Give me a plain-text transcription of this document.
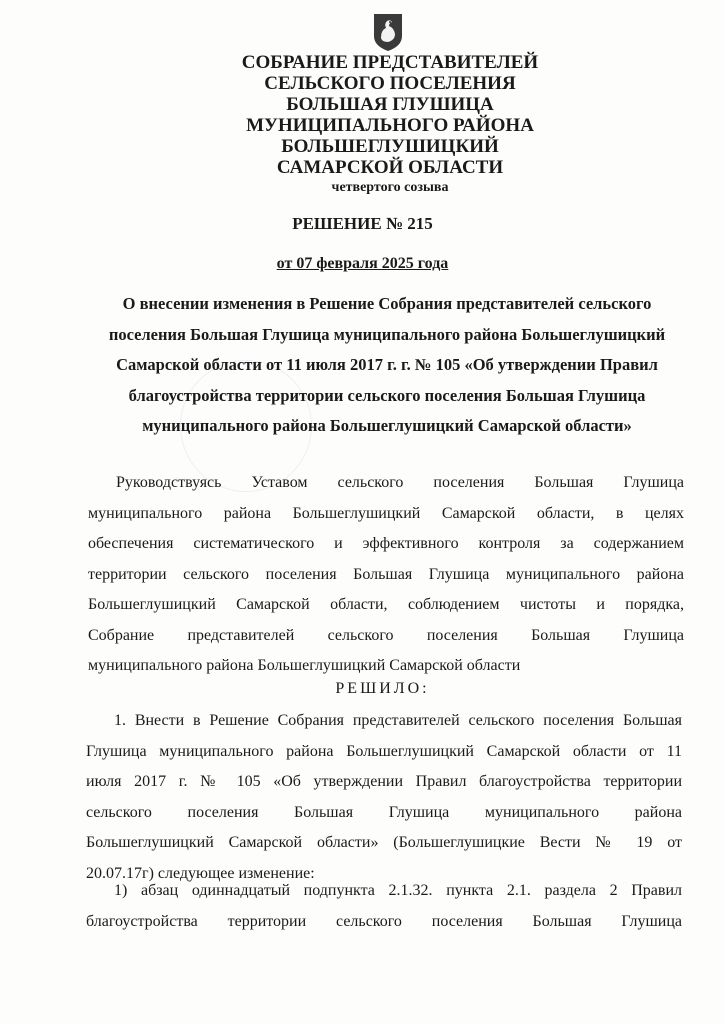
СОБРАНИЕ ПРЕДСТАВИТЕЛЕЙ
СЕЛЬСКОГО ПОСЕЛЕНИЯ
БОЛЬШАЯ ГЛУШИЦА
МУНИЦИПАЛЬНОГО РАЙОНА
БОЛЬШЕГЛУШИЦКИЙ
САМАРСКОЙ ОБЛАСТИ
четвертого созыва
РЕШЕНИЕ № 215
от 07 февраля 2025 года
О внесении изменения в Решение Собрания представителей сельского
поселения Большая Глушица муниципального района Большеглушицкий
Самарской области от 11 июля 2017 г. г. № 105 «Об утверждении Правил
благоустройства территории сельского поселения Большая Глушица
муниципального района Большеглушицкий Самарской области»
Руководствуясь Уставом сельского поселения Большая Глушица
муниципального района Большеглушицкий Самарской области, в целях
обеспечения систематического и эффективного контроля за содержанием
территории сельского поселения Большая Глушица муниципального района
Большеглушицкий Самарской области, соблюдением чистоты и порядка,
Собрание представителей сельского поселения Большая Глушица
муниципального района Большеглушицкий Самарской области
РЕШИЛО:
1. Внести в Решение Собрания представителей сельского поселения Большая
Глушица муниципального района Большеглушицкий Самарской области от 11
июля 2017 г. № 105 «Об утверждении Правил благоустройства территории
сельского поселения Большая Глушица муниципального района
Большеглушицкий Самарской области» (Большеглушицкие Вести № 19 от
20.07.17г) следующее изменение:
1) абзац одиннадцатый подпункта 2.1.32. пункта 2.1. раздела 2 Правил
благоустройства территории сельского поселения Большая Глушица
